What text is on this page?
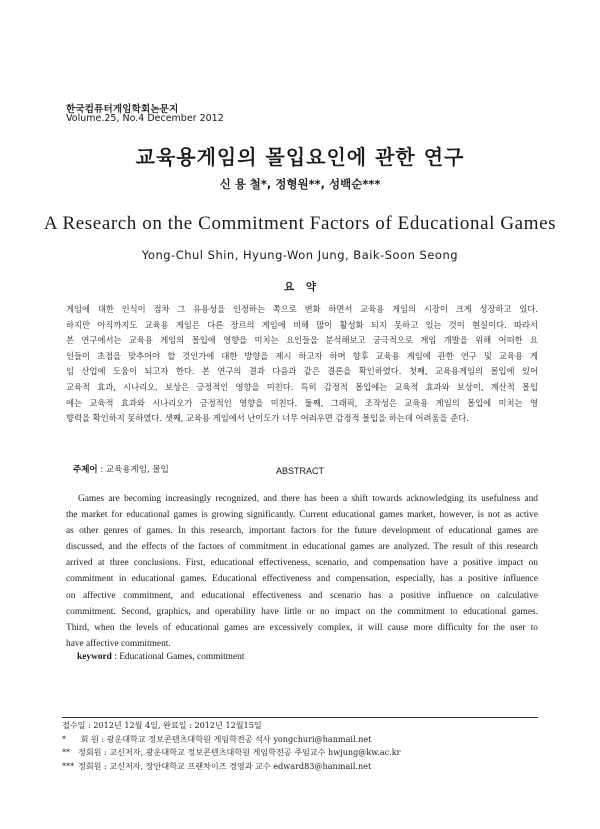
한국컴퓨터게임학회논문지
Volume.25, No.4 December 2012
교육용게임의 몰입요인에 관한 연구
신 용 철*, 정형원**, 성백순***
A Research on the Commitment Factors of Educational Games
Yong-Chul Shin, Hyung-Won Jung, Baik-Soon Seong
요 약
게임에 대한 인식이 점차 그 유용성을 인정하는 쪽으로 변화 하면서 교육용 게임의 시장이 크게 성장하고 있다.
하지만 아직까지도 교육용 게임은 다른 장르의 게임에 비해 많이 활성화 되지 못하고 있는 것이 현실이다. 따라서
본 연구에서는 교육용 게임의 몰입에 영향을 미치는 요인들을 분석해보고 궁극적으로 게임 개발을 위해 어떠한 요
인들이 초점을 맞추어야 할 것인가에 대한 방향을 제시 하고자 하며 향후 교육용 게임에 관한 연구 및 교육용 게
임 산업에 도움이 되고자 한다. 본 연구의 결과 다음과 같은 결론을 확인하였다. 첫째, 교육용게임의 몰입에 있어
교육적 효과, 시나리오, 보상은 긍정적인 영향을 미친다. 특히 감정적 몰입에는 교육적 효과와 보상이, 계산적 몰입
에는 교육적 효과와 시나리오가 긍정적인 영향을 미친다. 둘째, 그래픽, 조작성은 교육용 게임의 몰입에 미치는 영
향력을 확인하지 못하였다. 셋째, 교육용 게임에서 난이도가 너무 어려우면 감정적 몰입을 하는데 어려움을 준다.
주제어 : 교육용게임, 몰입	ABSTRACT
Games are becoming increasingly recognized, and there has been a shift towards acknowledging its usefulness and
the market for educational games is growing significantly. Current educational games market, however, is not as active
as other genres of games. In this research, important factors for the future development of educational games are
discussed, and the effects of the factors of commitment in educational games are analyzed. The result of this research
arrived at three conclusions. First, educational effectiveness, scenario, and compensation have a positive impact on
commitment in educational games. Educational effectiveness and compensation, especially, has a positive influence
on affective commitment, and educational effectiveness and scenario has a positive influence on calculative
commitment. Second, graphics, and operability have little or no impact on the commitment to educational games.
Third, when the levels of educational games are excessively complex, it will cause more difficulty for the user to
have affective commitment.
keyword : Educational Games, commitment
접수일 : 2012년 12월 4일, 완료일 : 2012년 12월15일
* 회 원 : 광운대학교 정보콘텐츠대학원 게임학전공 석사 yongchuri@hanmail.net
** 정회원 : 교신저자, 광운대학교 정보콘텐츠대학원 게임학전공 주임교수 hwjung@kw.ac.kr
*** 정회원 : 교신저자, 장안대학교 프랜차이즈 경영과 교수 edward83@hanmail.net
